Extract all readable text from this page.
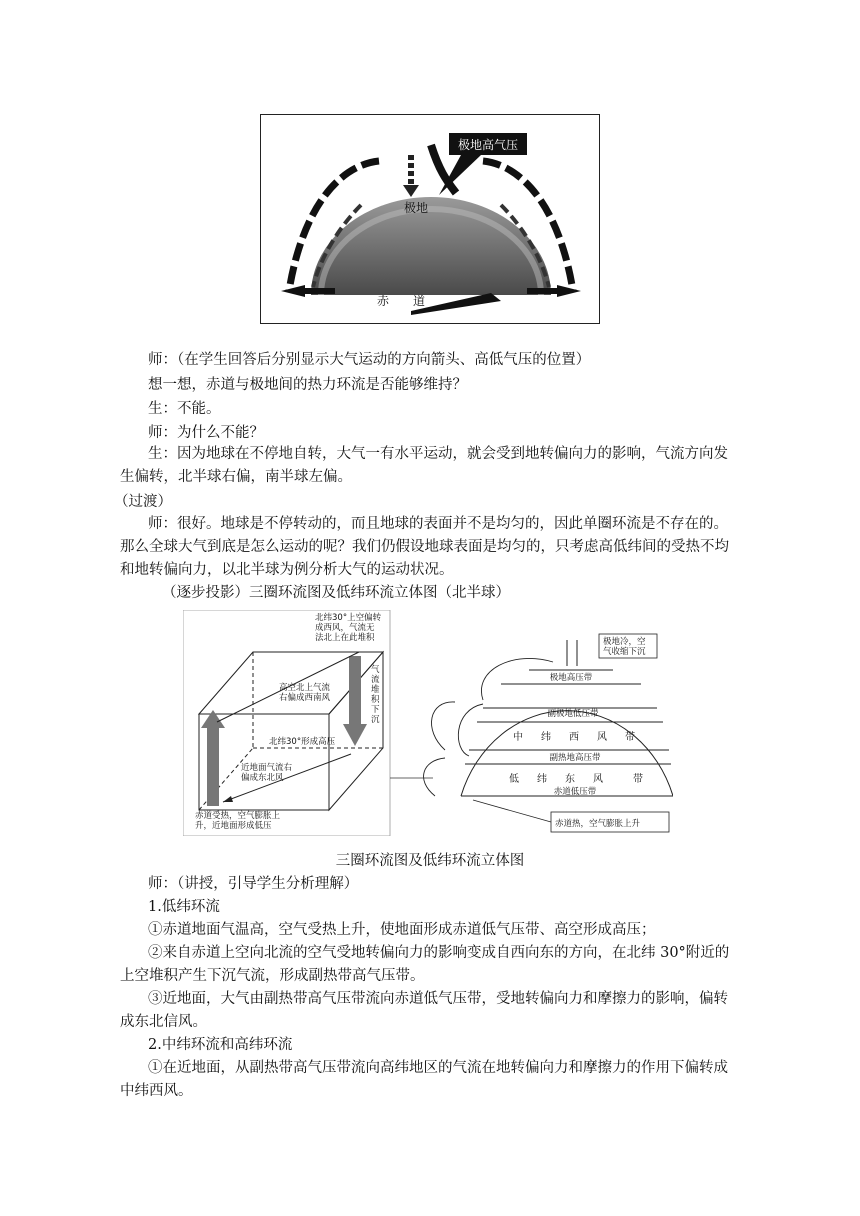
极地高气压
极地
赤　　道

师：（在学生回答后分别显示大气运动的方向箭头、高低气压的位置）

想一想，赤道与极地间的热力环流是否能够维持？

生：不能。

师：为什么不能？

生：因为地球在不停地自转，大气一有水平运动，就会受到地转偏向力的影响，气流方向发生偏转，北半球右偏，南半球左偏。

（过渡）

师：很好。地球是不停转动的，而且地球的表面并不是均匀的，因此单圈环流是不存在的。那么全球大气到底是怎么运动的呢？我们仍假设地球表面是均匀的，只考虑高低纬间的受热不均和地转偏向力，以北半球为例分析大气的运动状况。

（逐步投影）三圈环流图及低纬环流立体图（北半球）

北纬30°上空偏转成西风，气流无法北上在此堆积
气流堆积下沉
高空北上气流右偏成西南风
北纬30°形成高压
近地面气流右偏成东北风
赤道受热，空气膨胀上升，近地面形成低压
极地高压带
副极地低压带
中 纬 西 风 带
副热地高压带
低 纬 东 风	带
赤道低压带
极地冷，空气收缩下沉
赤道热，空气膨胀上升
三圈环流图及低纬环流立体图

师：（讲授，引导学生分析理解）

1.低纬环流

①赤道地面气温高，空气受热上升，使地面形成赤道低气压带、高空形成高压；

②来自赤道上空向北流的空气受地转偏向力的影响变成自西向东的方向，在北纬 30°附近的上空堆积产生下沉气流，形成副热带高气压带。

③近地面，大气由副热带高气压带流向赤道低气压带，受地转偏向力和摩擦力的影响，偏转成东北信风。

2.中纬环流和高纬环流

①在近地面，从副热带高气压带流向高纬地区的气流在地转偏向力和摩擦力的作用下偏转成中纬西风。
